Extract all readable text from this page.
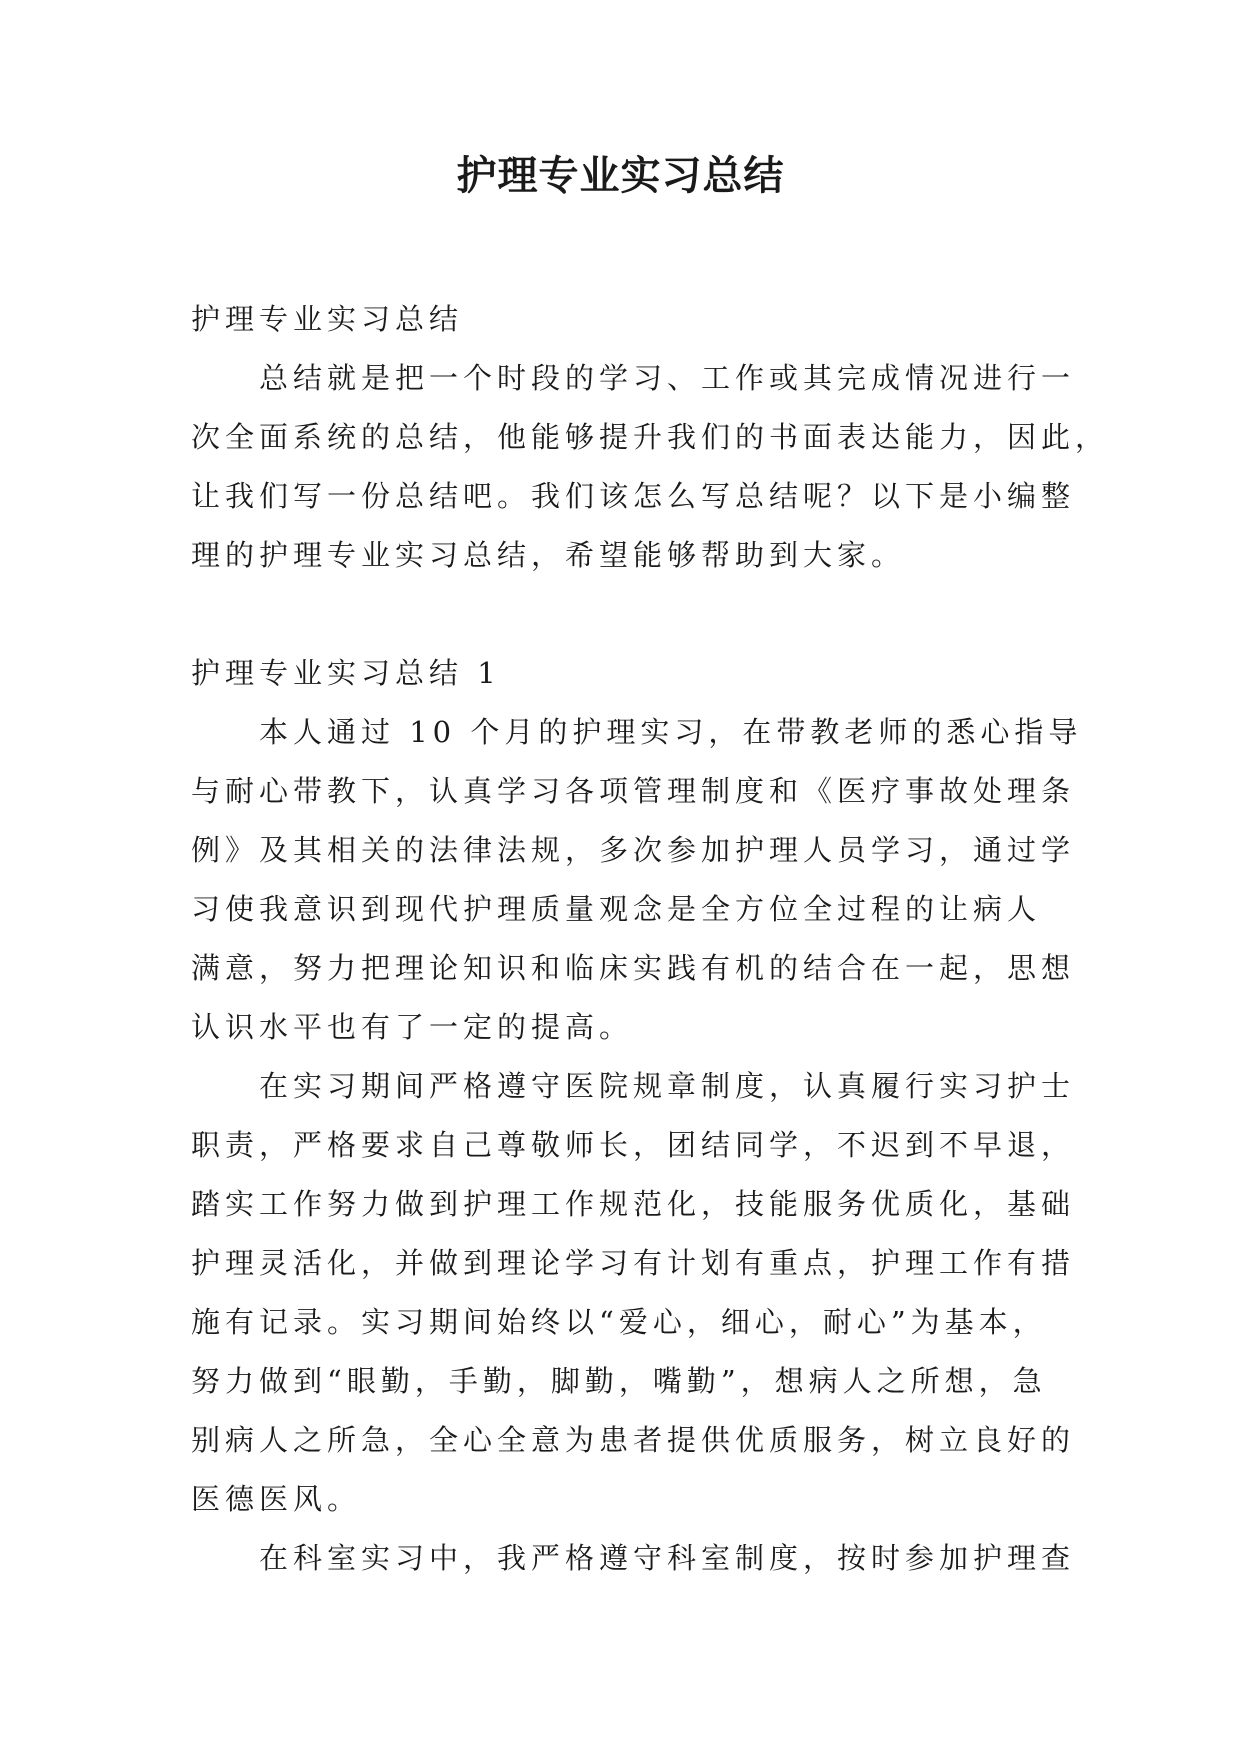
护理专业实习总结
护理专业实习总结
总结就是把一个时段的学习、工作或其完成情况进行一
次全面系统的总结，他能够提升我们的书面表达能力，因此，
让我们写一份总结吧。我们该怎么写总结呢？以下是小编整
理的护理专业实习总结，希望能够帮助到大家。
护理专业实习总结 1
本人通过 10 个月的护理实习，在带教老师的悉心指导
与耐心带教下，认真学习各项管理制度和《医疗事故处理条
例》及其相关的法律法规，多次参加护理人员学习，通过学
习使我意识到现代护理质量观念是全方位全过程的让病人
满意，努力把理论知识和临床实践有机的结合在一起，思想
认识水平也有了一定的提高。
在实习期间严格遵守医院规章制度，认真履行实习护士
职责，严格要求自己尊敬师长，团结同学，不迟到不早退，
踏实工作努力做到护理工作规范化，技能服务优质化，基础
护理灵活化，并做到理论学习有计划有重点，护理工作有措
施有记录。实习期间始终以“爱心，细心，耐心”为基本，
努力做到“眼勤，手勤，脚勤，嘴勤”，想病人之所想，急
别病人之所急，全心全意为患者提供优质服务，树立良好的
医德医风。
在科室实习中，我严格遵守科室制度，按时参加护理查
